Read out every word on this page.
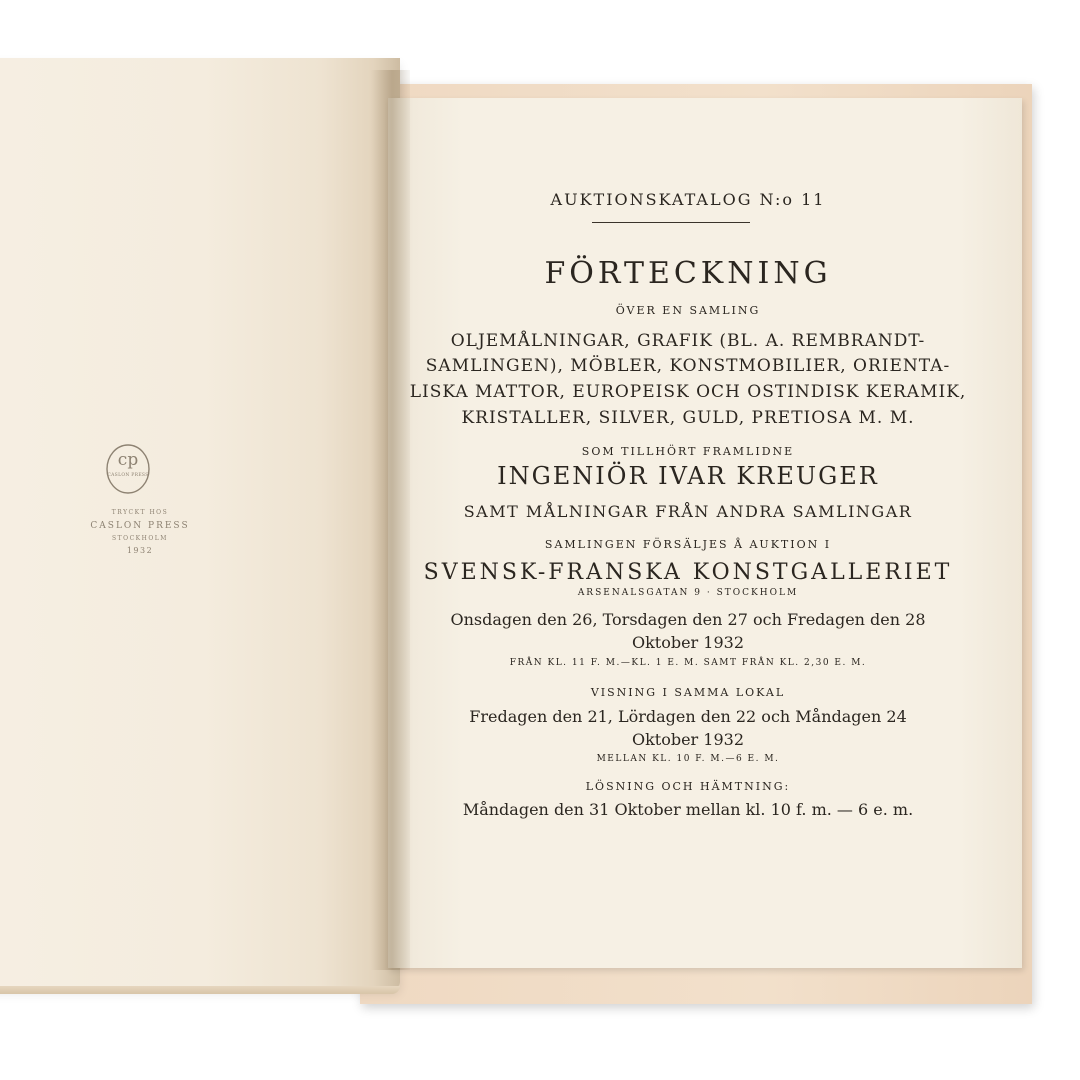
cp
CASLON PRESS
TRYCKT HOS
CASLON PRESS
STOCKHOLM
1932
AUKTIONSKATALOG N:o 11
FÖRTECKNING
ÖVER EN SAMLING
OLJEMÅLNINGAR, GRAFIK (BL. A. REMBRANDT-
SAMLINGEN), MÖBLER, KONSTMOBILIER, ORIENTA-
LISKA MATTOR, EUROPEISK OCH OSTINDISK KERAMIK,
KRISTALLER, SILVER, GULD, PRETIOSA M. M.
SOM TILLHÖRT FRAMLIDNE
INGENIÖR IVAR KREUGER
SAMT MÅLNINGAR FRÅN ANDRA SAMLINGAR
SAMLINGEN FÖRSÄLJES Å AUKTION I
SVENSK-FRANSKA KONSTGALLERIET
ARSENALSGATAN 9 · STOCKHOLM
Onsdagen den 26, Torsdagen den 27 och Fredagen den 28
Oktober 1932
FRÅN KL. 11 F. M.—KL. 1 E. M. SAMT FRÅN KL. 2,30 E. M.
VISNING I SAMMA LOKAL
Fredagen den 21, Lördagen den 22 och Måndagen 24
Oktober 1932
MELLAN KL. 10 F. M.—6 E. M.
LÖSNING OCH HÄMTNING:
Måndagen den 31 Oktober mellan kl. 10 f. m. — 6 e. m.
